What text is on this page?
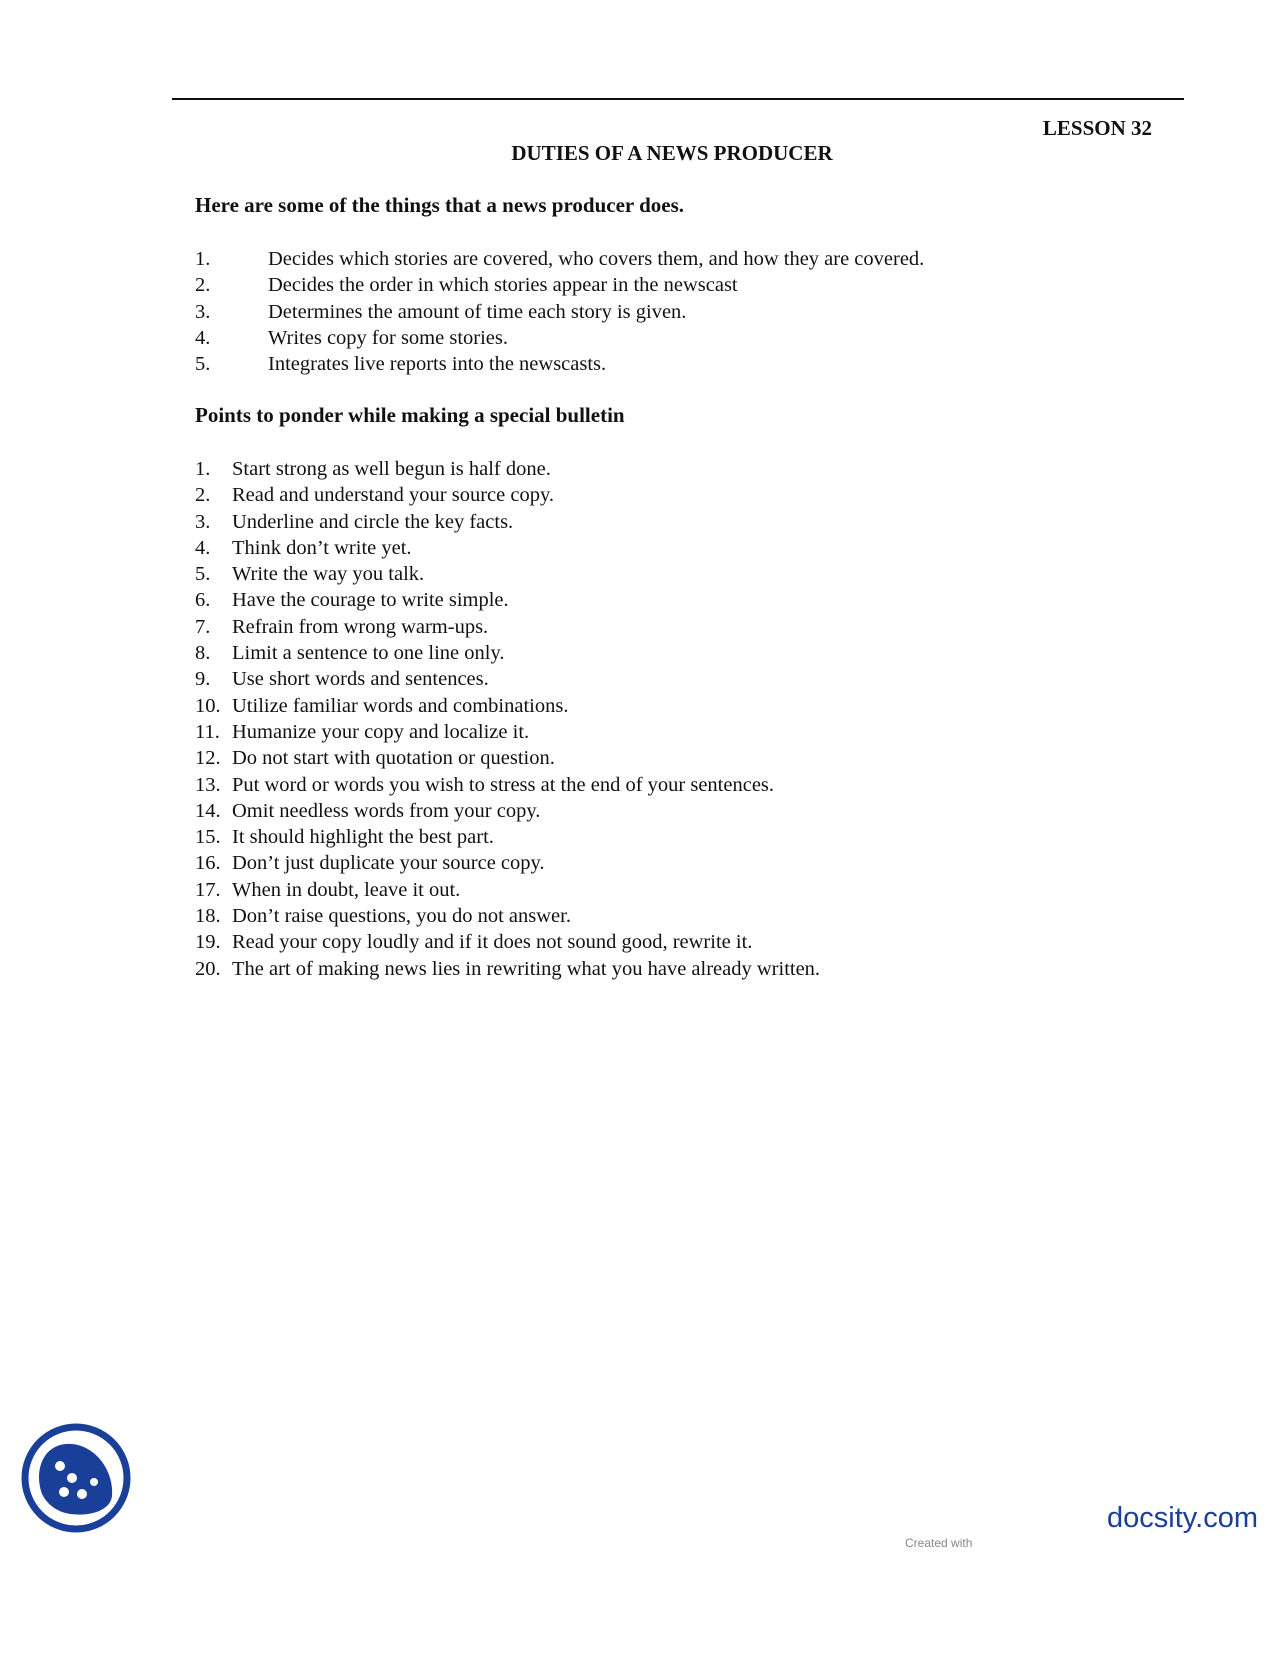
LESSON 32
DUTIES OF A NEWS PRODUCER
Here are some of the things that a news producer does.
1.	Decides which stories are covered, who covers them, and how they are covered.
2.	Decides the order in which stories appear in the newscast
3.	Determines the amount of time each story is given.
4.	Writes copy for some stories.
5.	Integrates live reports into the newscasts.
Points to ponder while making a special bulletin
1. Start strong as well begun is half done.
2. Read and understand your source copy.
3. Underline and circle the key facts.
4. Think don’t write yet.
5. Write the way you talk.
6. Have the courage to write simple.
7. Refrain from wrong warm-ups.
8. Limit a sentence to one line only.
9. Use short words and sentences.
10. Utilize familiar words and combinations.
11. Humanize your copy and localize it.
12. Do not start with quotation or question.
13. Put word or words you wish to stress at the end of your sentences.
14. Omit needless words from your copy.
15. It should highlight the best part.
16. Don’t just duplicate your source copy.
17. When in doubt, leave it out.
18. Don’t raise questions, you do not answer.
19. Read your copy loudly and if it does not sound good, rewrite it.
20. The art of making news lies in rewriting what you have already written.
docsity.com
Created with
